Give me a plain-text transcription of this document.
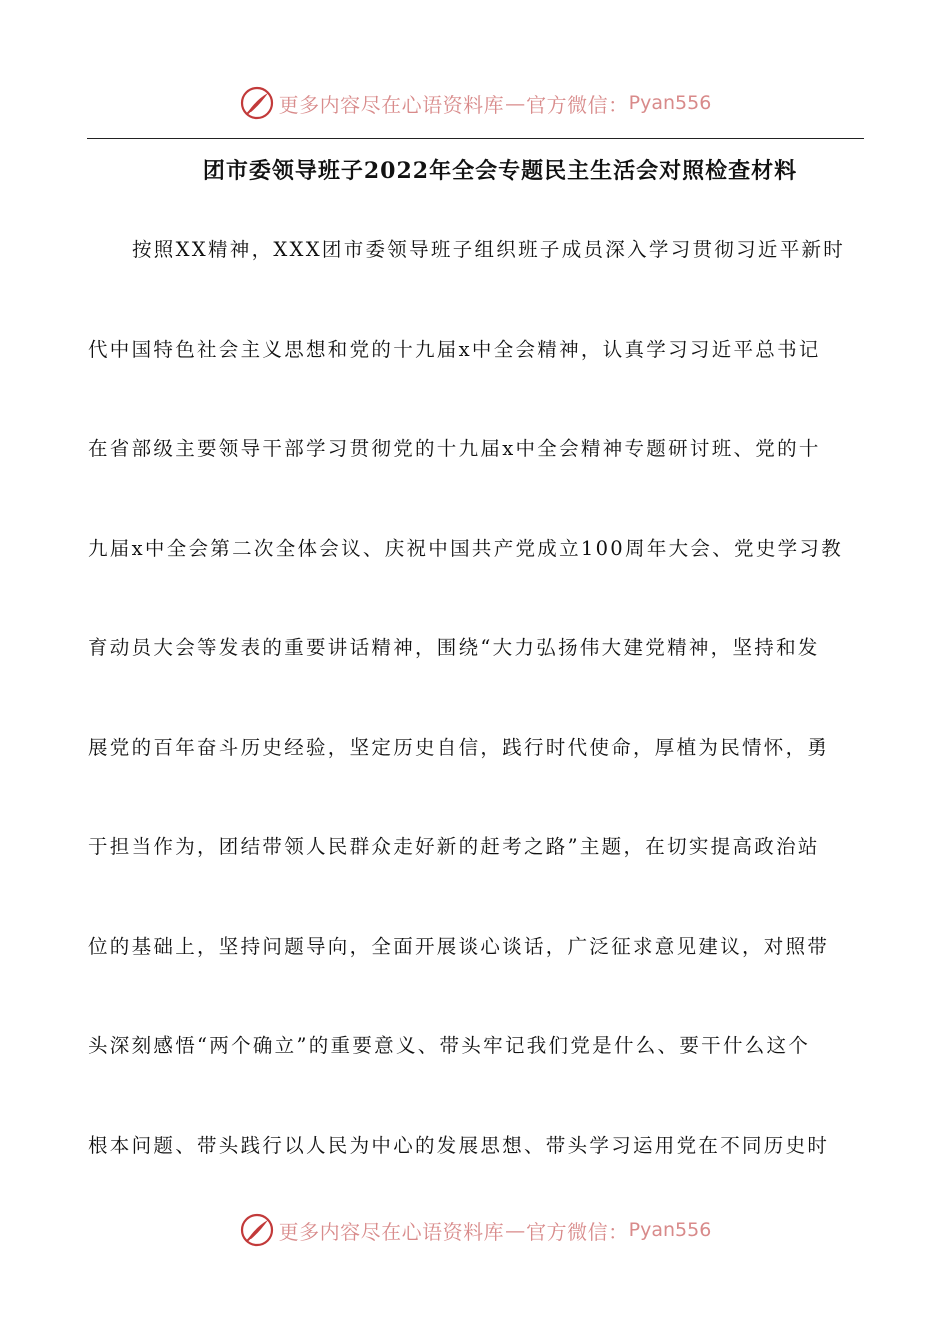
更多内容尽在心语资料库 — 官方微信： Pyan556
团市委领导班子2022年全会专题民主生活会对照检查材料
按照XX精神，XXX团市委领导班子组织班子成员深入学习贯彻习近平新时
代中国特色社会主义思想和党的十九届x中全会精神，认真学习习近平总书记
在省部级主要领导干部学习贯彻党的十九届x中全会精神专题研讨班、党的十
九届x中全会第二次全体会议、庆祝中国共产党成立100周年大会、党史学习教
育动员大会等发表的重要讲话精神，围绕“大力弘扬伟大建党精神，坚持和发
展党的百年奋斗历史经验，坚定历史自信，践行时代使命，厚植为民情怀，勇
于担当作为，团结带领人民群众走好新的赶考之路”主题，在切实提高政治站
位的基础上，坚持问题导向，全面开展谈心谈话，广泛征求意见建议，对照带
头深刻感悟“两个确立”的重要意义、带头牢记我们党是什么、要干什么这个
根本问题、带头践行以人民为中心的发展思想、带头学习运用党在不同历史时
更多内容尽在心语资料库 — 官方微信： Pyan556
